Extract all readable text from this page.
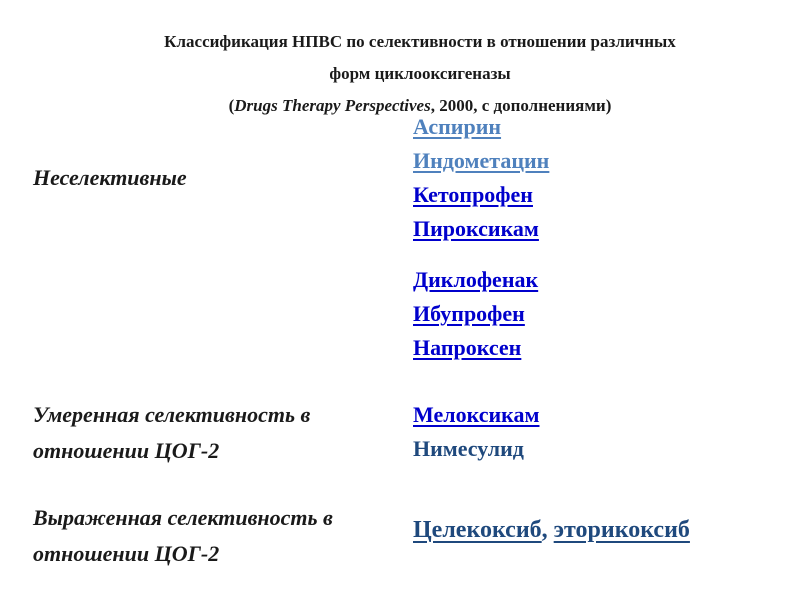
Классификация НПВС по селективности в отношении различных
форм циклооксигеназы
(Drugs Therapy Perspectives, 2000, с дополнениями)
Неселективные
Умеренная селективность в
отношении ЦОГ-2
Выраженная селективность в
отношении ЦОГ-2
Аспирин
Индометацин
Кетопрофен
Пироксикам
Диклофенак
Ибупрофен
Напроксен
Мелоксикам
Нимесулид
Целекоксиб, эторикоксиб
